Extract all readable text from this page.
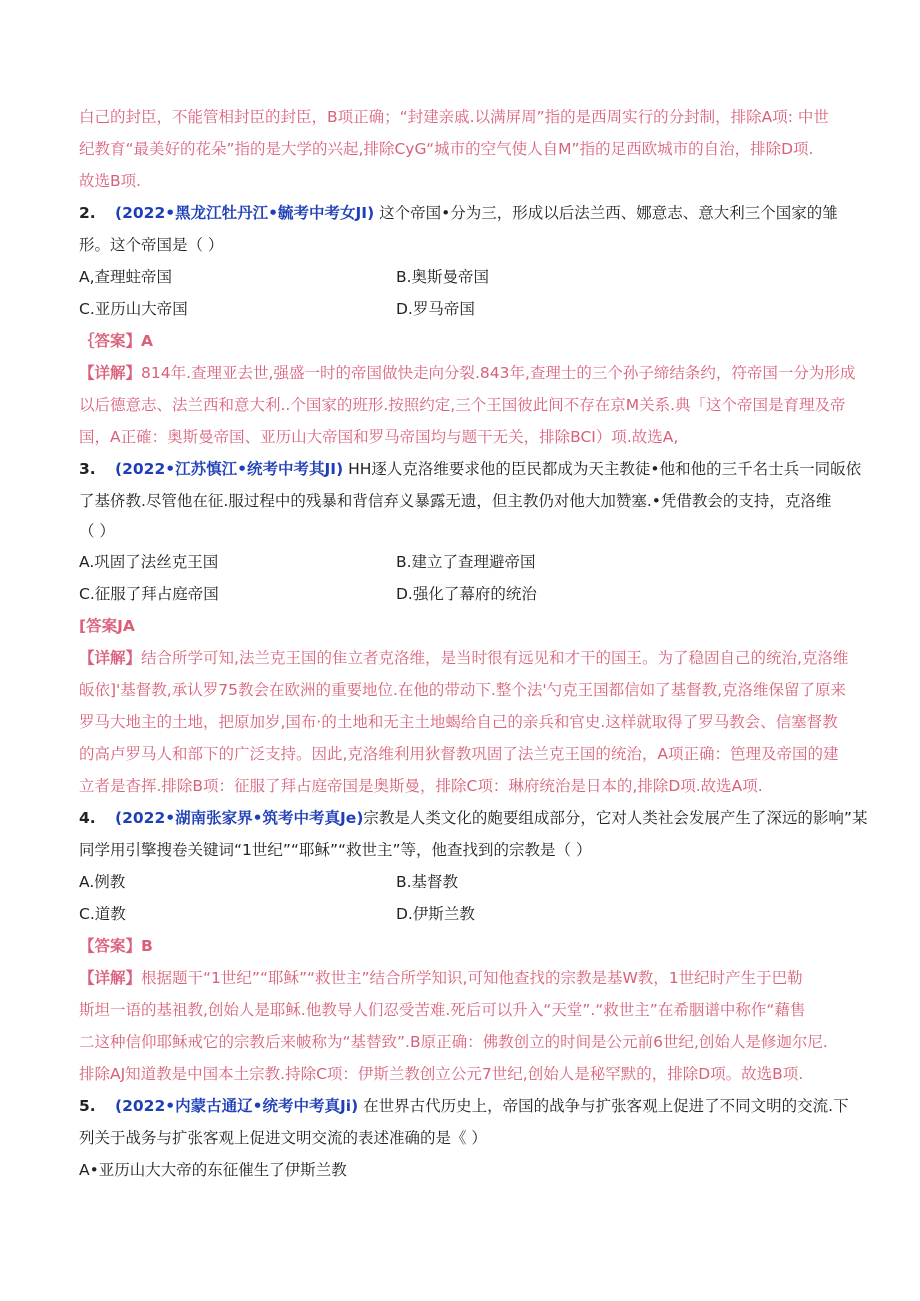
白己的封臣，不能管相封臣的封臣，B项正确；“封建亲戚.以满屏周”指的是西周实行的分封制，排除A项: 中世
纪教育“最美好的花朵”指的是大学的兴起,排除CyG“城市的空气使人自M”指的足西欧城市的自治，排除D项.
故选B项.
2. (2022•黑龙江牡丹江•毓考中考女JI) 这个帝国•分为三，形成以后法兰西、娜意志、意大利三个国家的雏
形。这个帝国是（ ）
A,查理蛀帝国	B.奥斯曼帝国
C.亚历山大帝国	D.罗马帝国
｛答案】A
【详解】814年.查理亚去世,强盛一时的帝国做快走向分裂.843年,查理士的三个孙子缔结条约，符帝国一分为形成
以后德意志、法兰西和意大利..个国家的班形.按照约定,三个王国彼此间不存在京M关系.典「这个帝国是育理及帝
国，A正確：奥斯曼帝国、亚历山大帝国和罗马帝国均与题干无关，排除BCI）项.故选A,
3. (2022•江苏慎江•统考中考其JI) HH逐人克洛维要求他的臣民都成为天主教徒•他和他的三千名士兵一同皈依
了基侪教.尽管他在征.服过程中的残暴和背信弃义暴露无遗，但主教仍对他大加赞塞.•凭借教会的支持，克洛维
（ ）
A.巩固了法丝克王国	B.建立了查理避帝国
C.征服了拜占庭帝国	D.强化了幕府的统治
[答案JA
【详解】结合所学可知,法兰克王国的隹立者克洛维，是当时很有远见和才干的国王。为了稳固自己的统治,克洛维
皈依]'基督教,承认罗75教会在欧洲的重要地位.在他的带动下.整个法'勺克王国都信如了基督教,克洛维保留了原来
罗马大地主的土地，把原加岁,国布·的土地和无主土地蝎给自己的亲兵和官史.这样就取得了罗马教会、信塞督教
的高卢罗马人和部下的广泛支持。因此,克洛维利用狄督教巩固了法兰克王国的统治，A项正确：笆理及帝国的建
立者是杳挥.排除B项：征服了拜占庭帝国是奥斯曼，排除C项：琳府统治是日本的,排除D项.故选A项.
4. (2022•湖南张家界•筑考中考真Je)宗教是人类文化的皰要组成部分，它对人类社会发展产生了深远的影响”某
同学用引擎搜卷关键词“1世纪”“耶稣”“救世主”等，他查找到的宗教是（ ）
A.例教	B.基督教
C.道教	D.伊斯兰教
【答案】B
【详解】根据题干“1世纪”“耶稣”“救世主”结合所学知识,可知他查找的宗教是基W教，1世纪时产生于巴勒
斯坦一语的基祖教,创始人是耶稣.他教导人们忍受苦难.死后可以升入“天堂”.“救世主”在希胭谱中称作“藉售
二这种信仰耶稣戒它的宗教后来帔称为“基替致”.B原正确：佛教创立的时间是公元前6世纪,创始人是修迦尔尼.
排除AJ知道教是中国本土宗教.持除C项：伊斯兰教创立公元7世纪,创始人是秘罕默的，排除D项。故选B项.
5. (2022•内蒙古通辽•统考中考真Ji) 在世界古代历史上，帝国的战争与扩张客观上促进了不同文明的交流.下
列关于战务与扩张客观上促进文明交流的表述准确的是《 ）
A•亚历山大大帝的东征催生了伊斯兰教
